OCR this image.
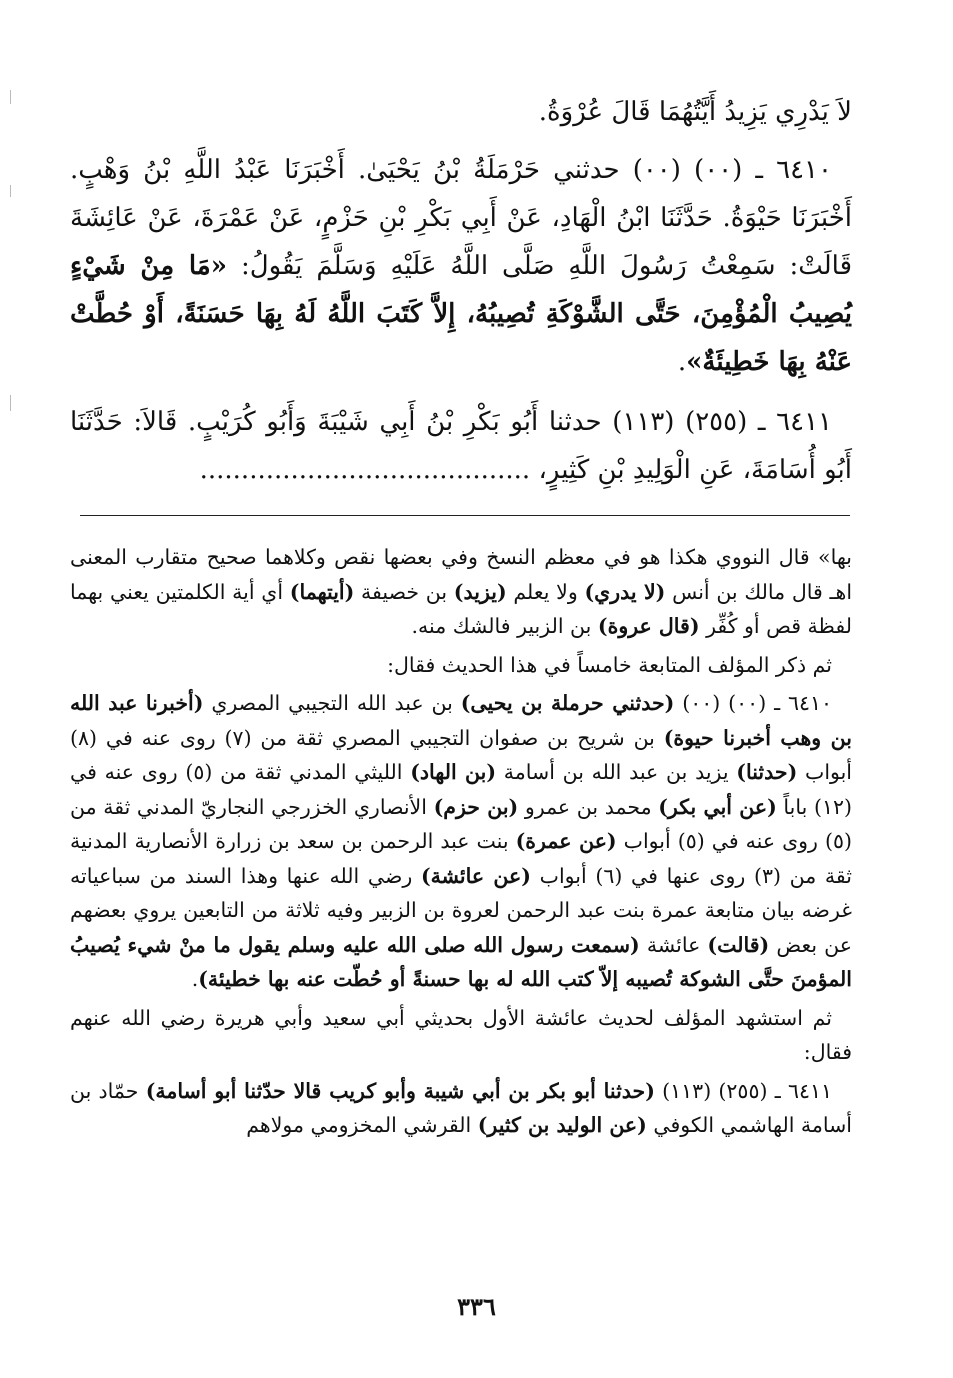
لاَ يَدْرِي يَزِيدُ أَيَّتُهُمَا قَالَ عُرْوَةُ.

٦٤١٠ ـ (٠٠) (٠٠) حدثني حَرْمَلَةُ بْنُ يَحْيَىٰ. أَخْبَرَنَا عَبْدُ اللَّهِ بْنُ وَهْبٍ. أَخْبَرَنَا حَيْوَةُ. حَدَّثَنَا ابْنُ الْهَادِ، عَنْ أَبِي بَكْرِ بْنِ حَزْمٍ، عَنْ عَمْرَةَ، عَنْ عَائِشَةَ قَالَتْ: سَمِعْتُ رَسُولَ اللَّهِ صَلَّى اللَّهُ عَلَيْهِ وَسَلَّمَ يَقُولُ: «مَا مِنْ شَيْءٍ يُصِيبُ الْمُؤْمِنَ، حَتَّى الشَّوْكَةِ تُصِيبُهُ، إِلاَّ كَتَبَ اللَّهُ لَهُ بِهَا حَسَنَةً، أَوْ حُطَّتْ عَنْهُ بِهَا خَطِيئَةٌ».

٦٤١١ ـ (٢٥٥) (١١٣) حدثنا أَبُو بَكْرِ بْنُ أَبِي شَيْبَةَ وَأَبُو كُرَيْبٍ. قَالاَ: حَدَّثَنَا أَبُو أُسَامَةَ، عَنِ الْوَلِيدِ بْنِ كَثِيرٍ، ........................................

بها» قال النووي هكذا هو في معظم النسخ وفي بعضها نقص وكلاهما صحيح متقارب المعنى اهـ قال مالك بن أنس (لا يدري) ولا يعلم (يزيد) بن خصيفة (أيتهما) أي أية الكلمتين يعني بهما لفظة قص أو كُفِّر (قال عروة) بن الزبير فالشك منه.

ثم ذكر المؤلف المتابعة خامساً في هذا الحديث فقال:

٦٤١٠ ـ (٠٠) (٠٠) (حدثني حرملة بن يحيى) بن عبد الله التجيبي المصري (أخبرنا عبد الله بن وهب أخبرنا حيوة) بن شريح بن صفوان التجيبي المصري ثقة من (٧) روى عنه في (٨) أبواب (حدثنا) يزيد بن عبد الله بن أسامة (بن الهاد) الليثي المدني ثقة من (٥) روى عنه في (١٢) باباً (عن أبي بكر) محمد بن عمرو (بن حزم) الأنصاري الخزرجي النجاريّ المدني ثقة من (٥) روى عنه في (٥) أبواب (عن عمرة) بنت عبد الرحمن بن سعد بن زرارة الأنصارية المدنية ثقة من (٣) روى عنها في (٦) أبواب (عن عائشة) رضي الله عنها وهذا السند من سباعياته غرضه بيان متابعة عمرة بنت عبد الرحمن لعروة بن الزبير وفيه ثلاثة من التابعين يروي بعضهم عن بعض (قالت) عائشة (سمعت رسول الله صلى الله عليه وسلم يقول ما منْ شيء يُصيبُ المؤمنَ حتَّى الشوكة تُصيبه إلاّ كتب الله له بها حسنةً أو حُطّت عنه بها خطيئة).

ثم استشهد المؤلف لحديث عائشة الأول بحديثي أبي سعيد وأبي هريرة رضي الله عنهم فقال:

٦٤١١ ـ (٢٥٥) (١١٣) (حدثنا أبو بكر بن أبي شيبة وأبو كريب قالا حدّثنا أبو أسامة) حمّاد بن أسامة الهاشمي الكوفي (عن الوليد بن كثير) القرشي المخزومي مولاهم

٣٣٦
